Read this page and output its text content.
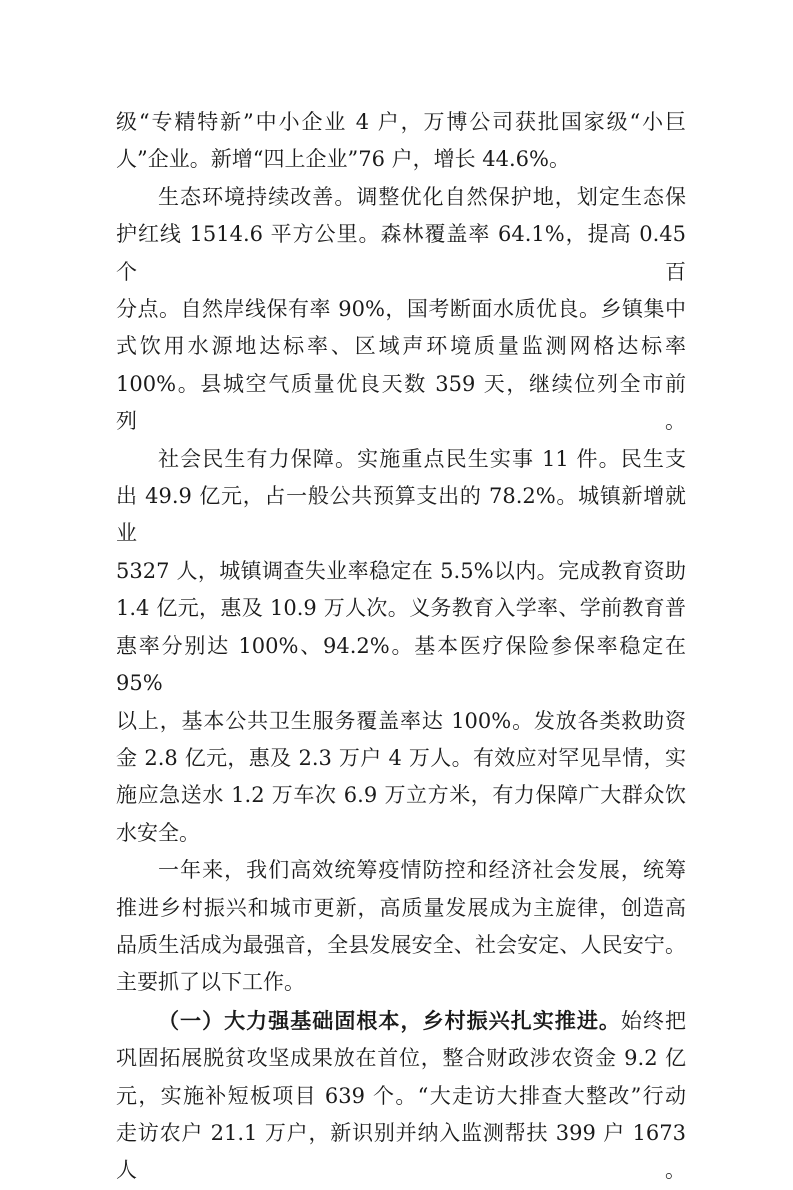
级“专精特新”中小企业 4 户，万博公司获批国家级“小巨

人”企业。新增“四上企业”76 户，增长 44.6%。

生态环境持续改善。调整优化自然保护地，划定生态保

护红线 1514.6 平方公里。森林覆盖率 64.1%，提高 0.45 个百

分点。自然岸线保有率 90%，国考断面水质优良。乡镇集中

式饮用水源地达标率、区域声环境质量监测网格达标率

100%。县城空气质量优良天数 359 天，继续位列全市前列。

社会民生有力保障。实施重点民生实事 11 件。民生支

出 49.9 亿元，占一般公共预算支出的 78.2%。城镇新增就业

5327 人，城镇调查失业率稳定在 5.5%以内。完成教育资助

1.4 亿元，惠及 10.9 万人次。义务教育入学率、学前教育普

惠率分别达 100%、94.2%。基本医疗保险参保率稳定在 95%

以上，基本公共卫生服务覆盖率达 100%。发放各类救助资

金 2.8 亿元，惠及 2.3 万户 4 万人。有效应对罕见旱情，实

施应急送水 1.2 万车次 6.9 万立方米，有力保障广大群众饮

水安全。

一年来，我们高效统筹疫情防控和经济社会发展，统筹

推进乡村振兴和城市更新，高质量发展成为主旋律，创造高

品质生活成为最强音，全县发展安全、社会安定、人民安宁。

主要抓了以下工作。

（一）大力强基础固根本，乡村振兴扎实推进。始终把

巩固拓展脱贫攻坚成果放在首位，整合财政涉农资金 9.2 亿

元，实施补短板项目 639 个。“大走访大排查大整改”行动

走访农户 21.1 万户，新识别并纳入监测帮扶 399 户 1673 人。
